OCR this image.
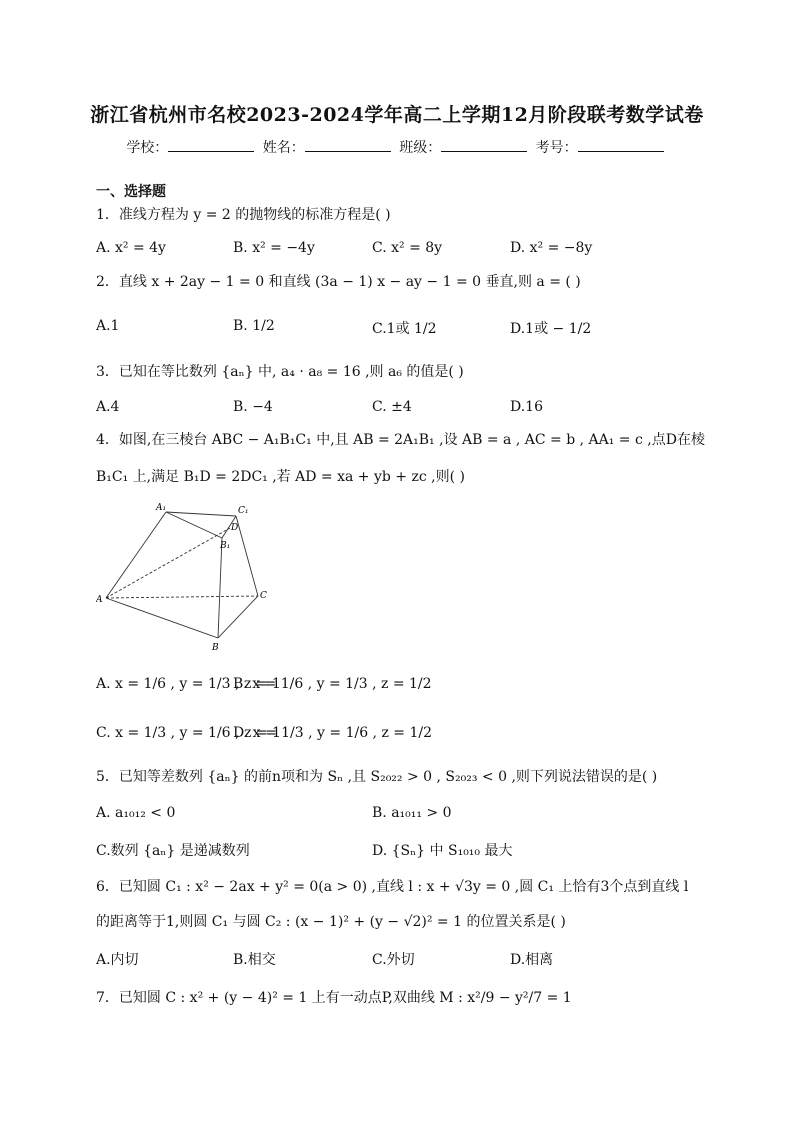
浙江省杭州市名校2023-2024学年高二上学期12月阶段联考数学试卷
学校：	姓名：	班级：	考号：
一、选择题
1．准线方程为 y = 2 的抛物线的标准方程是( )
A. x² = 4y	B. x² = −4y	C. x² = 8y	D. x² = −8y
2．直线 x + 2ay − 1 = 0 和直线 (3a − 1) x − ay − 1 = 0 垂直,则 a = ( )
A.1	B. 1/2	C.1或 1/2	D.1或 − 1/2
3．已知在等比数列 {aₙ} 中, a₄ · a₈ = 16 ,则 a₆ 的值是( )
A.4	B. −4	C. ±4	D.16
4．如图,在三棱台 ABC − A₁B₁C₁ 中,且 AB = 2A₁B₁ ,设 AB = a , AC = b , AA₁ = c ,点D在棱
B₁C₁ 上,满足 B₁D = 2DC₁ ,若 AD = xa + yb + zc ,则( )
A₁	C₁
D
B₁
A	C
B
A. x = 1/6 , y = 1/3 , z = 1
B. x = 1/6 , y = 1/3 , z = 1/2
C. x = 1/3 , y = 1/6 , z = 1
D. x = 1/3 , y = 1/6 , z = 1/2
5．已知等差数列 {aₙ} 的前n项和为 Sₙ ,且 S₂₀₂₂ > 0 , S₂₀₂₃ < 0 ,则下列说法错误的是( )
A. a₁₀₁₂ < 0	B. a₁₀₁₁ > 0
C.数列 {aₙ} 是递减数列	D. {Sₙ} 中 S₁₀₁₀ 最大
6．已知圆 C₁ : x² − 2ax + y² = 0(a > 0) ,直线 l : x + √3y = 0 ,圆 C₁ 上恰有3个点到直线 l
的距离等于1,则圆 C₁ 与圆 C₂ : (x − 1)² + (y − √2)² = 1 的位置关系是( )
A.内切	B.相交	C.外切	D.相离
7．已知圆 C : x² + (y − 4)² = 1 上有一动点P,双曲线 M : x²/9 − y²/7 = 1
